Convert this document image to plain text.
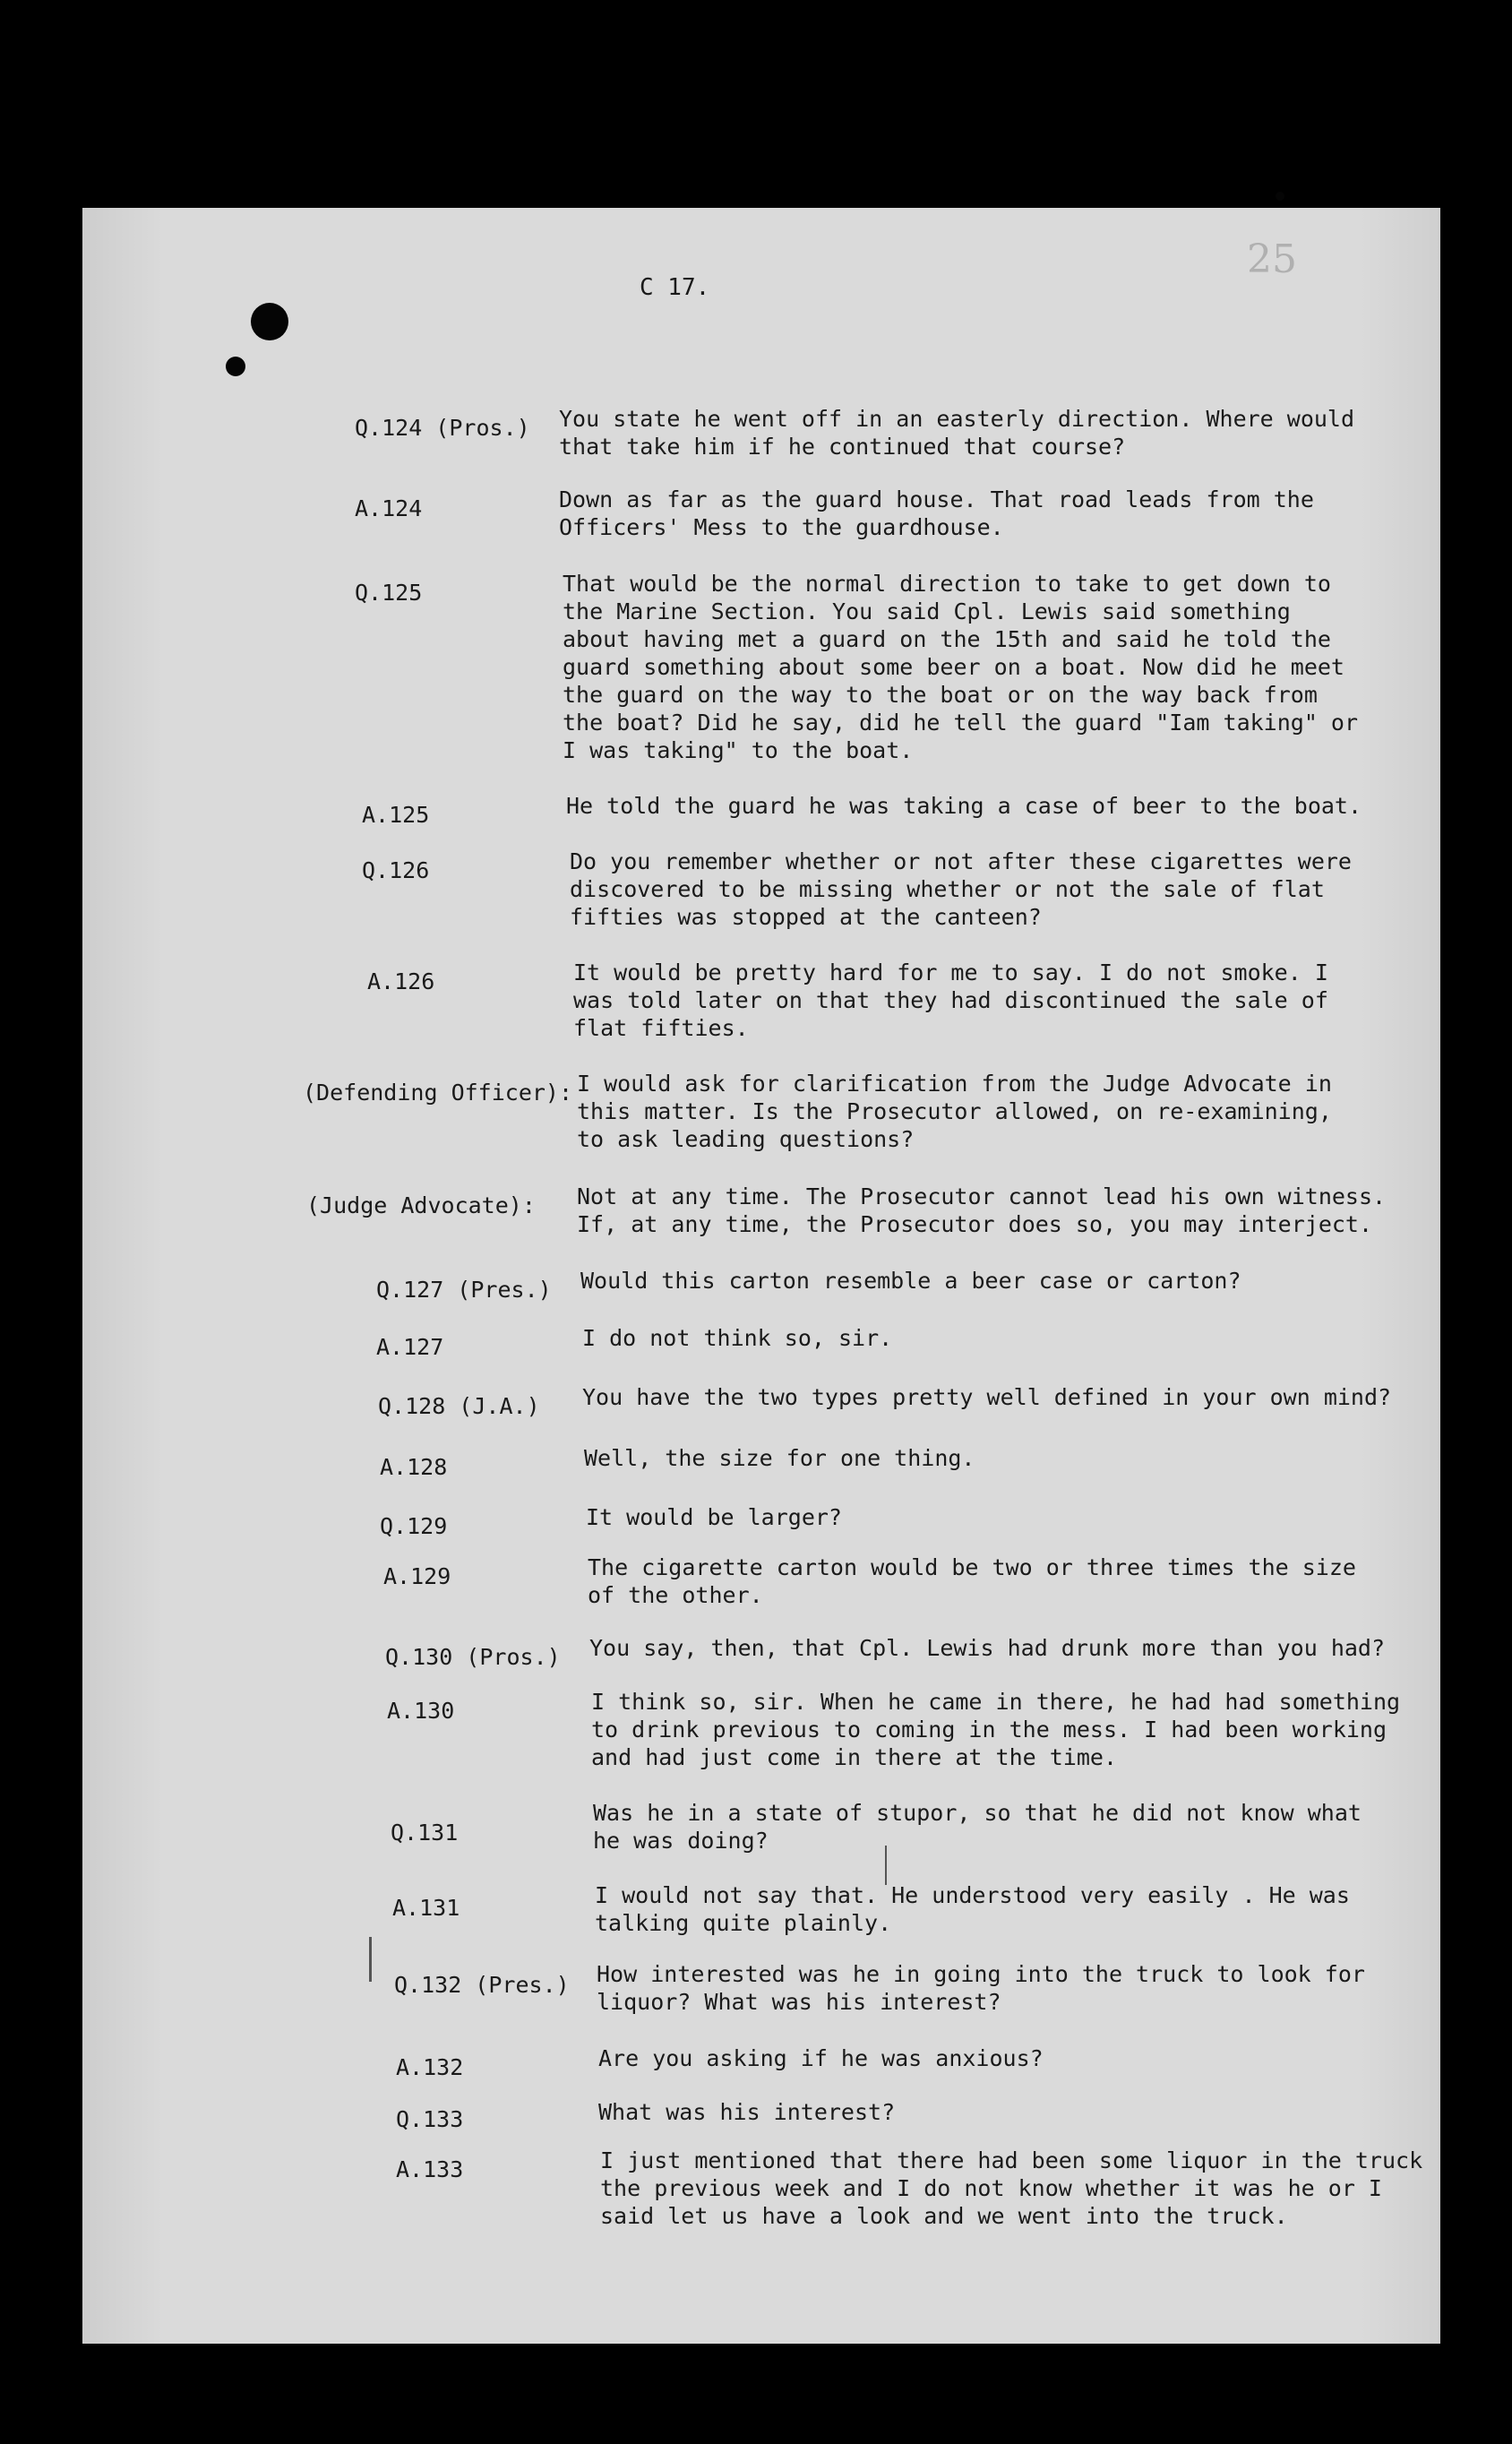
C 17.
25
Q.124 (Pros.) You state he went off in an easterly direction. Where would
that take him if he continued that course?
A.124	Down as far as the guard house. That road leads from the
Officers' Mess to the guardhouse.
Q.125	That would be the normal direction to take to get down to
the Marine Section. You said Cpl. Lewis said something
about having met a guard on the 15th and said he told the
guard something about some beer on a boat. Now did he meet
the guard on the way to the boat or on the way back from
the boat? Did he say, did he tell the guard "Iam taking" or
I was taking" to the boat.
A.125	He told the guard he was taking a case of beer to the boat.
Q.126	Do you remember whether or not after these cigarettes were
discovered to be missing whether or not the sale of flat
fifties was stopped at the canteen?
A.126	It would be pretty hard for me to say. I do not smoke. I
was told later on that they had discontinued the sale of
flat fifties.
(Defending Officer): I would ask for clarification from the Judge Advocate in
this matter. Is the Prosecutor allowed, on re-examining,
to ask leading questions?
(Judge Advocate): Not at any time. The Prosecutor cannot lead his own witness.
If, at any time, the Prosecutor does so, you may interject.
Q.127 (Pres.) Would this carton resemble a beer case or carton?
A.127	I do not think so, sir.
Q.128 (J.A.) You have the two types pretty well defined in your own mind?
A.128	Well, the size for one thing.
Q.129	It would be larger?
A.129	The cigarette carton would be two or three times the size
of the other.
Q.130 (Pros.) You say, then, that Cpl. Lewis had drunk more than you had?
A.130	I think so, sir. When he came in there, he had had something
to drink previous to coming in the mess. I had been working
and had just come in there at the time.
Q.131
Was he in a state of stupor, so that he did not know what
he was doing?
A.131	I would not say that. He understood very easily . He was
talking quite plainly.
Q.132 (Pres.) How interested was he in going into the truck to look for
liquor? What was his interest?
A.132	Are you asking if he was anxious?
Q.133	What was his interest?
A.133	I just mentioned that there had been some liquor in the truck
the previous week and I do not know whether it was he or I
said let us have a look and we went into the truck.
